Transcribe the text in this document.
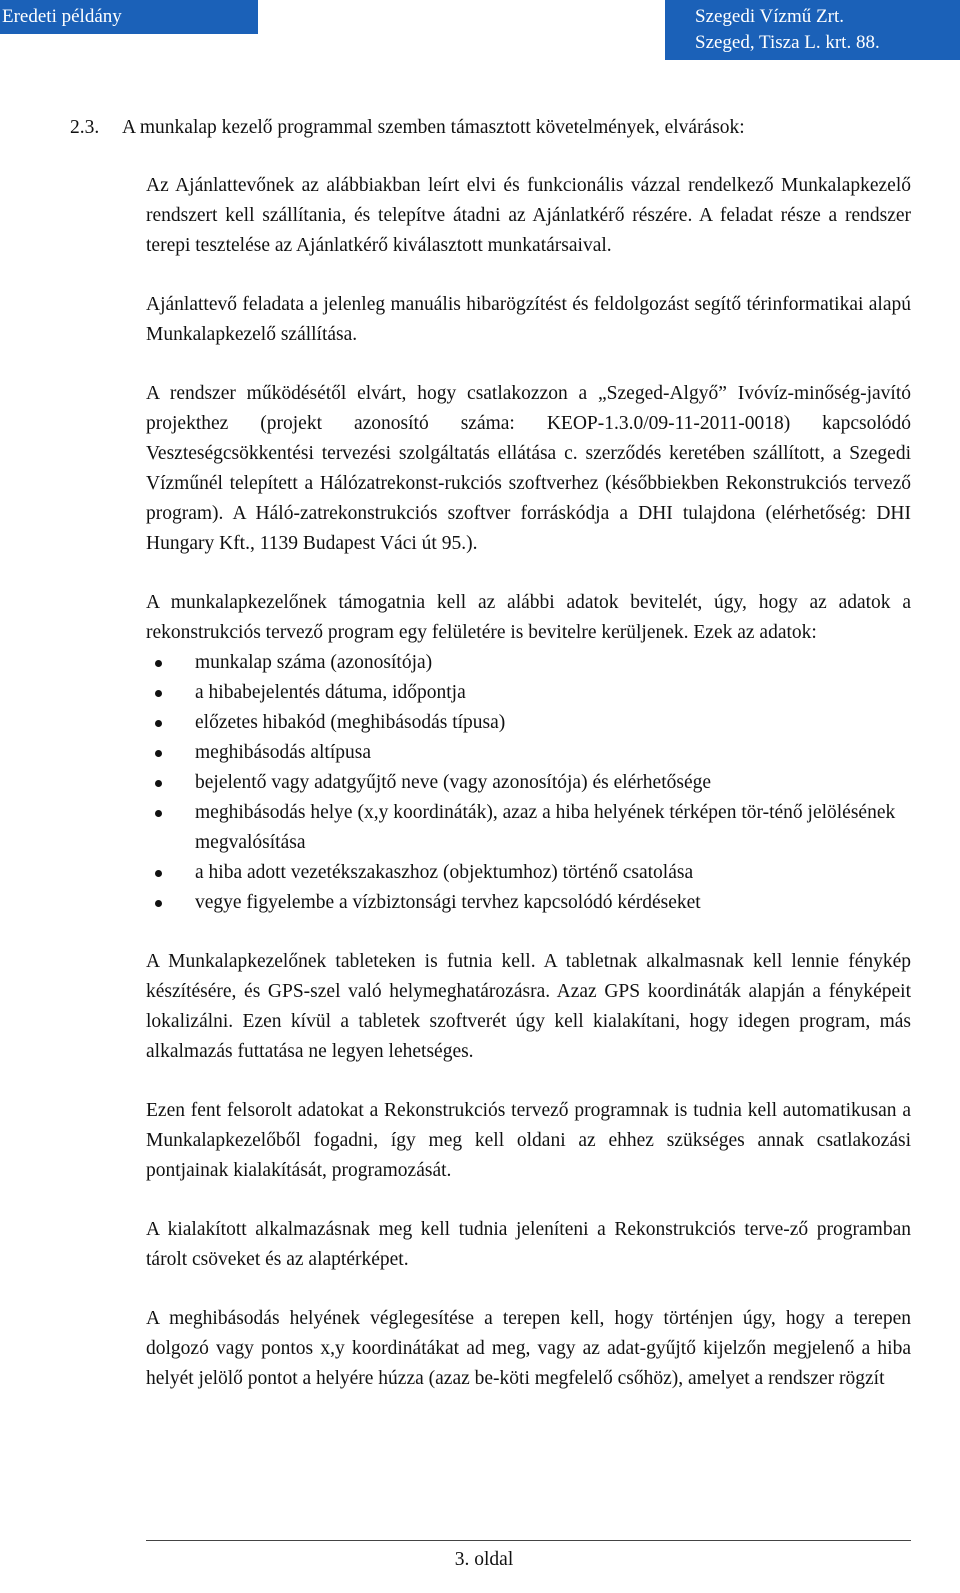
Eredeti példány	Szegedi Vízmű Zrt.
Szeged, Tisza L. krt. 88.
2.3. A munkalap kezelő programmal szemben támasztott követelmények, elvárások:

Az Ajánlattevőnek az alábbiakban leírt elvi és funkcionális vázzal rendelkező Munkalapkezelő rendszert kell szállítania, és telepítve átadni az Ajánlatkérő részére. A feladat része a rendszer terepi tesztelése az Ajánlatkérő kiválasztott munkatársaival.

Ajánlattevő feladata a jelenleg manuális hibarögzítést és feldolgozást segítő térinformatikai alapú Munkalapkezelő szállítása.

A rendszer működésétől elvárt, hogy csatlakozzon a „Szeged-Algyő” Ivóvíz-minőség-javító projekthez (projekt azonosító száma: KEOP-1.3.0/09-11-2011-0018) kapcsolódó Veszteségcsökkentési tervezési szolgáltatás ellátása c. szerződés keretében szállított, a Szegedi Vízműnél telepített a Hálózatrekonst-rukciós szoftverhez (későbbiekben Rekonstrukciós tervező program). A Háló-zatrekonstrukciós szoftver forráskódja a DHI tulajdona (elérhetőség: DHI Hungary Kft., 1139 Budapest Váci út 95.).

A munkalapkezelőnek támogatnia kell az alábbi adatok bevitelét, úgy, hogy az adatok a rekonstrukciós tervező program egy felületére is bevitelre kerüljenek. Ezek az adatok:

munkalap száma (azonosítója)
a hibabejelentés dátuma, időpontja
előzetes hibakód (meghibásodás típusa)
meghibásodás altípusa
bejelentő vagy adatgyűjtő neve (vagy azonosítója) és elérhetősége
meghibásodás helye (x,y koordináták), azaz a hiba helyének térképen tör-ténő jelölésének megvalósítása
a hiba adott vezetékszakaszhoz (objektumhoz) történő csatolása
vegye figyelembe a vízbiztonsági tervhez kapcsolódó kérdéseket

A Munkalapkezelőnek tableteken is futnia kell. A tabletnak alkalmasnak kell lennie fénykép készítésére, és GPS-szel való helymeghatározásra. Azaz GPS koordináták alapján a fényképeit lokalizálni. Ezen kívül a tabletek szoftverét úgy kell kialakítani, hogy idegen program, más alkalmazás futtatása ne legyen lehetséges.

Ezen fent felsorolt adatokat a Rekonstrukciós tervező programnak is tudnia kell automatikusan a Munkalapkezelőből fogadni, így meg kell oldani az ehhez szükséges annak csatlakozási pontjainak kialakítását, programozását.

A kialakított alkalmazásnak meg kell tudnia jeleníteni a Rekonstrukciós terve-ző programban tárolt csöveket és az alaptérképet.

A meghibásodás helyének véglegesítése a terepen kell, hogy történjen úgy, hogy a terepen dolgozó vagy pontos x,y koordinátákat ad meg, vagy az adat-gyűjtő kijelzőn megjelenő a hiba helyét jelölő pontot a helyére húzza (azaz be-köti megfelelő csőhöz), amelyet a rendszer rögzít

3. oldal
